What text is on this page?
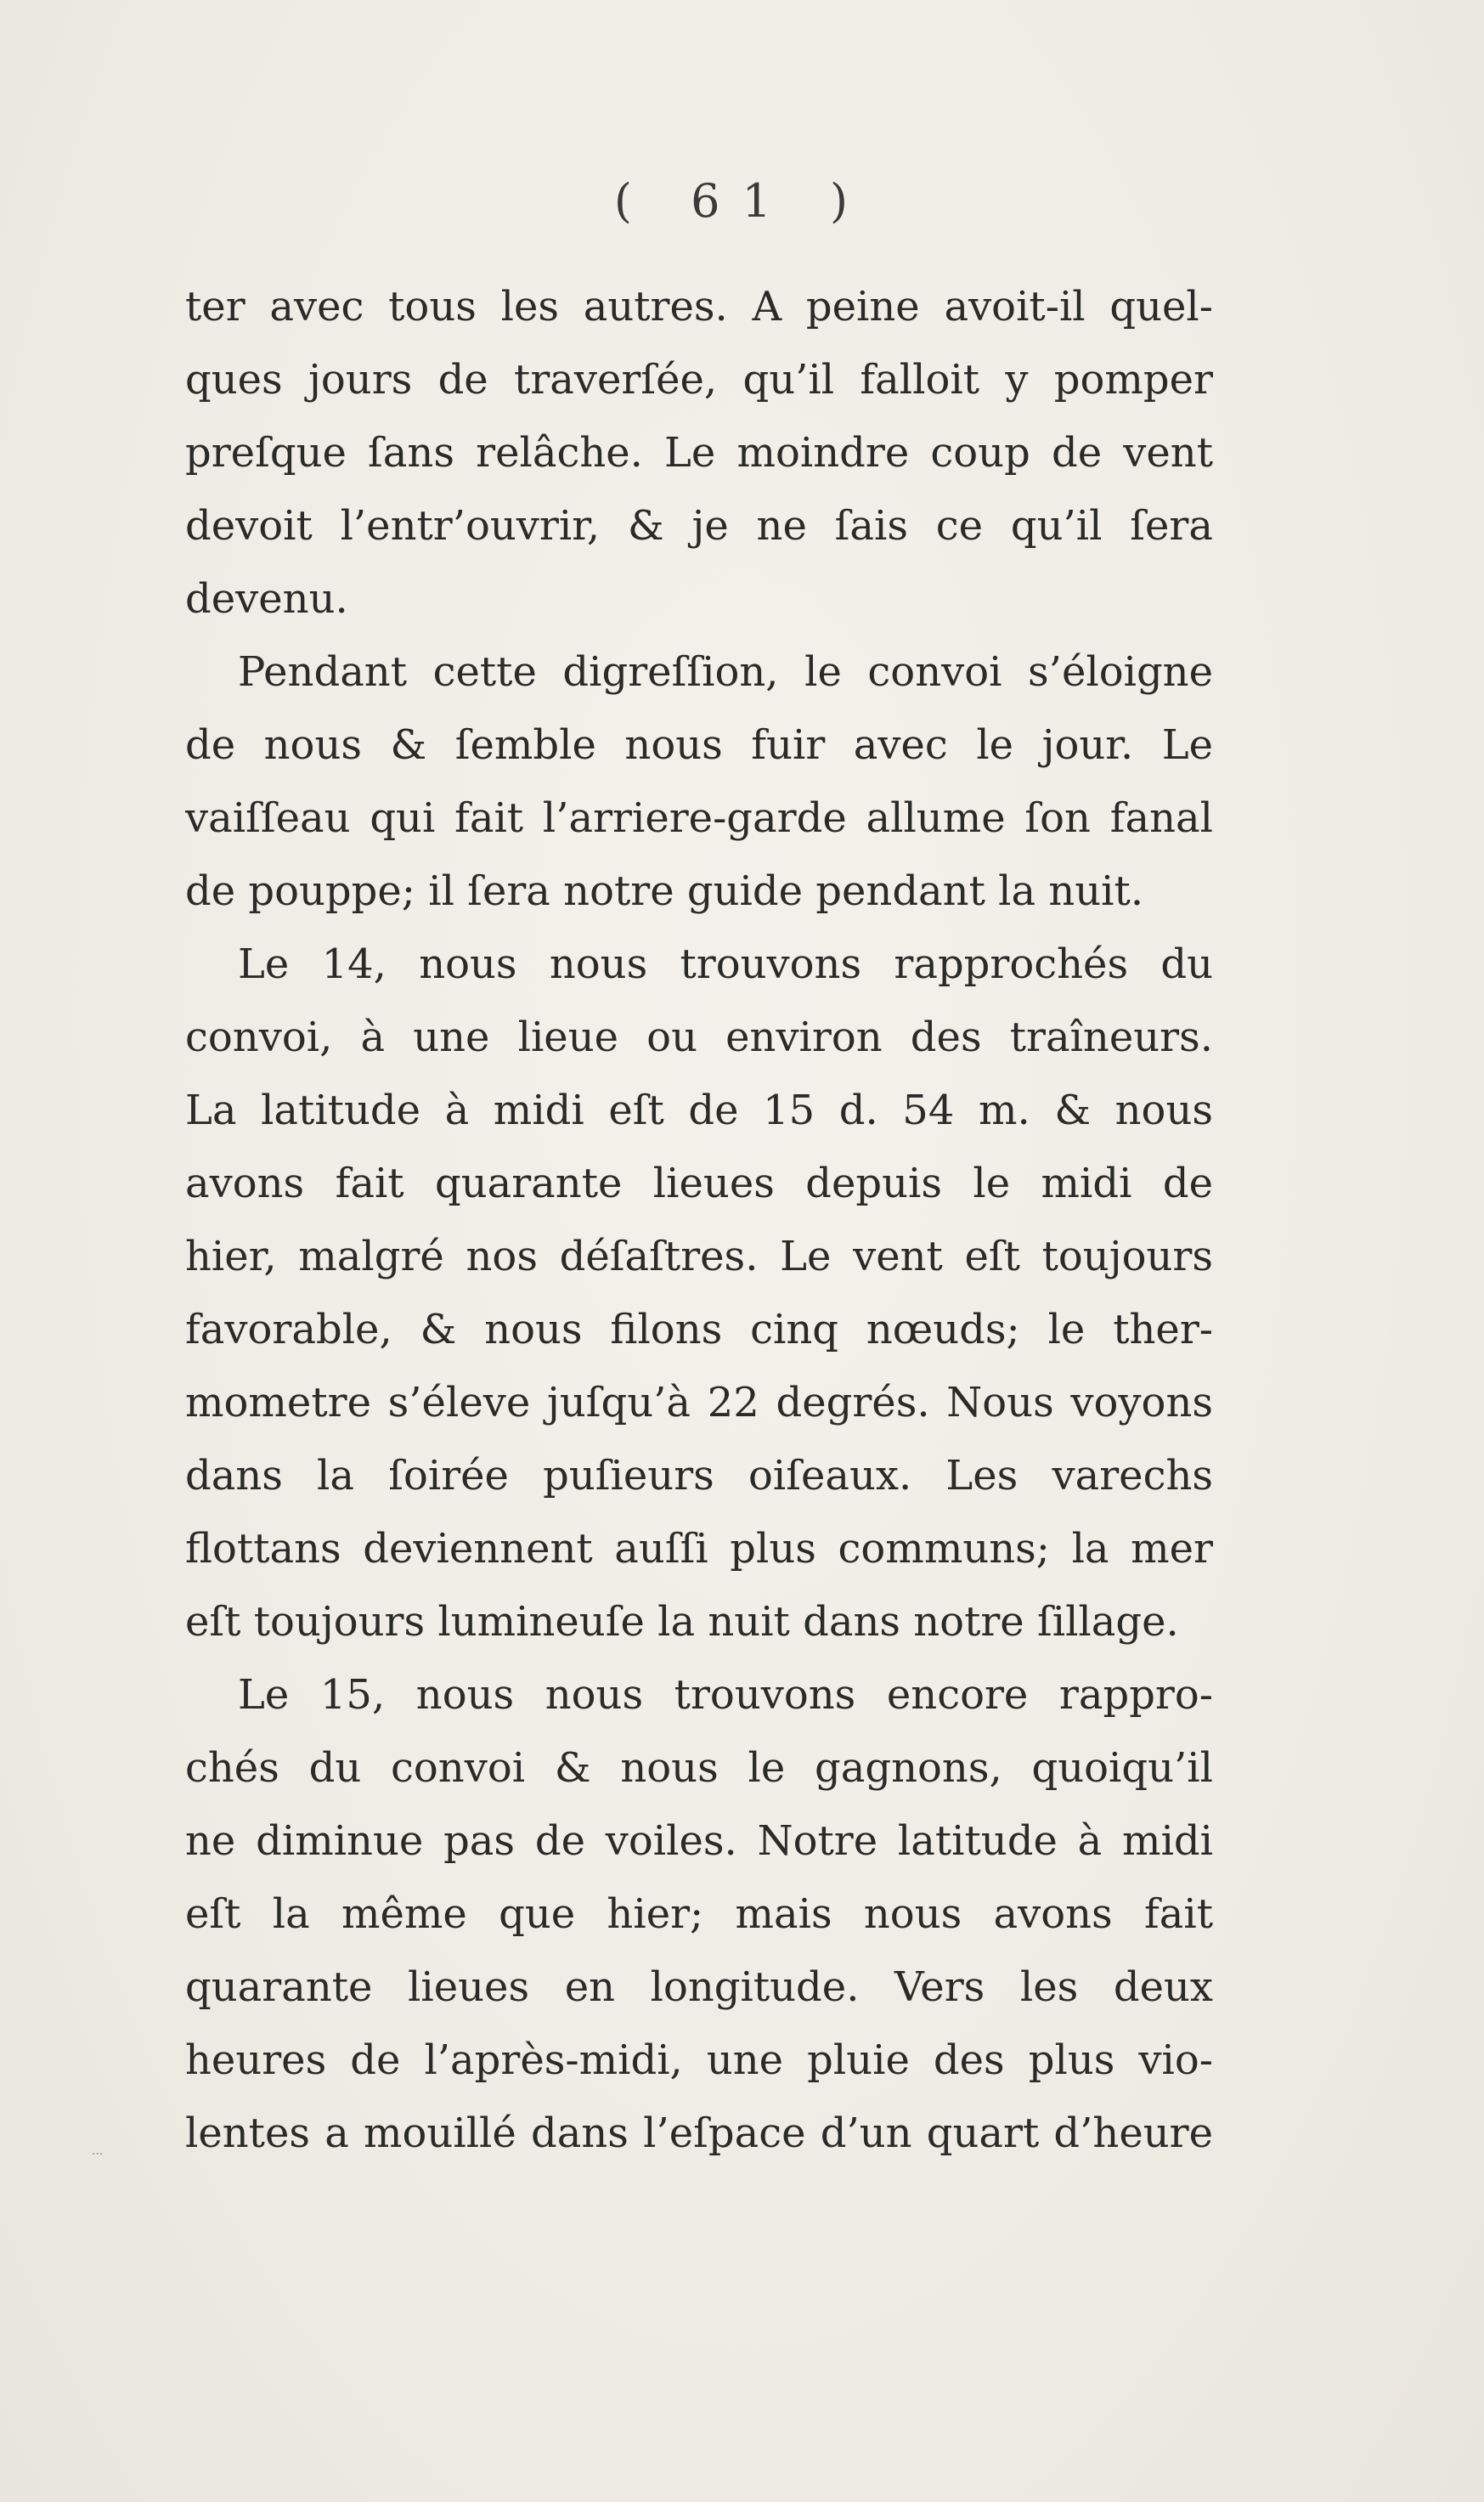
( 61 )
ter avec tous les autres. A peine avoit-il quel-
ques jours de traverſée, qu’il falloit y pomper
preſque ſans relâche. Le moindre coup de vent
devoit l’entr’ouvrir, & je ne ſais ce qu’il ſera
devenu.
Pendant cette digreſſion, le convoi s’éloigne
de nous & ſemble nous fuir avec le jour. Le
vaiſſeau qui fait l’arriere-garde allume ſon fanal
de pouppe; il ſera notre guide pendant la nuit.
Le 14, nous nous trouvons rapprochés du
convoi, à une lieue ou environ des traîneurs.
La latitude à midi eſt de 15 d. 54 m. & nous
avons fait quarante lieues depuis le midi de
hier, malgré nos déſaſtres. Le vent eſt toujours
favorable, & nous filons cinq nœuds; le ther-
mometre s’éleve juſqu’à 22 degrés. Nous voyons
dans la ſoirée puſieurs oiſeaux. Les varechs
flottans deviennent auſſi plus communs; la mer
eſt toujours lumineuſe la nuit dans notre ſillage.
Le 15, nous nous trouvons encore rappro-
chés du convoi & nous le gagnons, quoiqu’il
ne diminue pas de voiles. Notre latitude à midi
eſt la même que hier; mais nous avons fait
quarante lieues en longitude. Vers les deux
heures de l’après-midi, une pluie des plus vio-
lentes a mouillé dans l’eſpace d’un quart d’heure
·‧·
